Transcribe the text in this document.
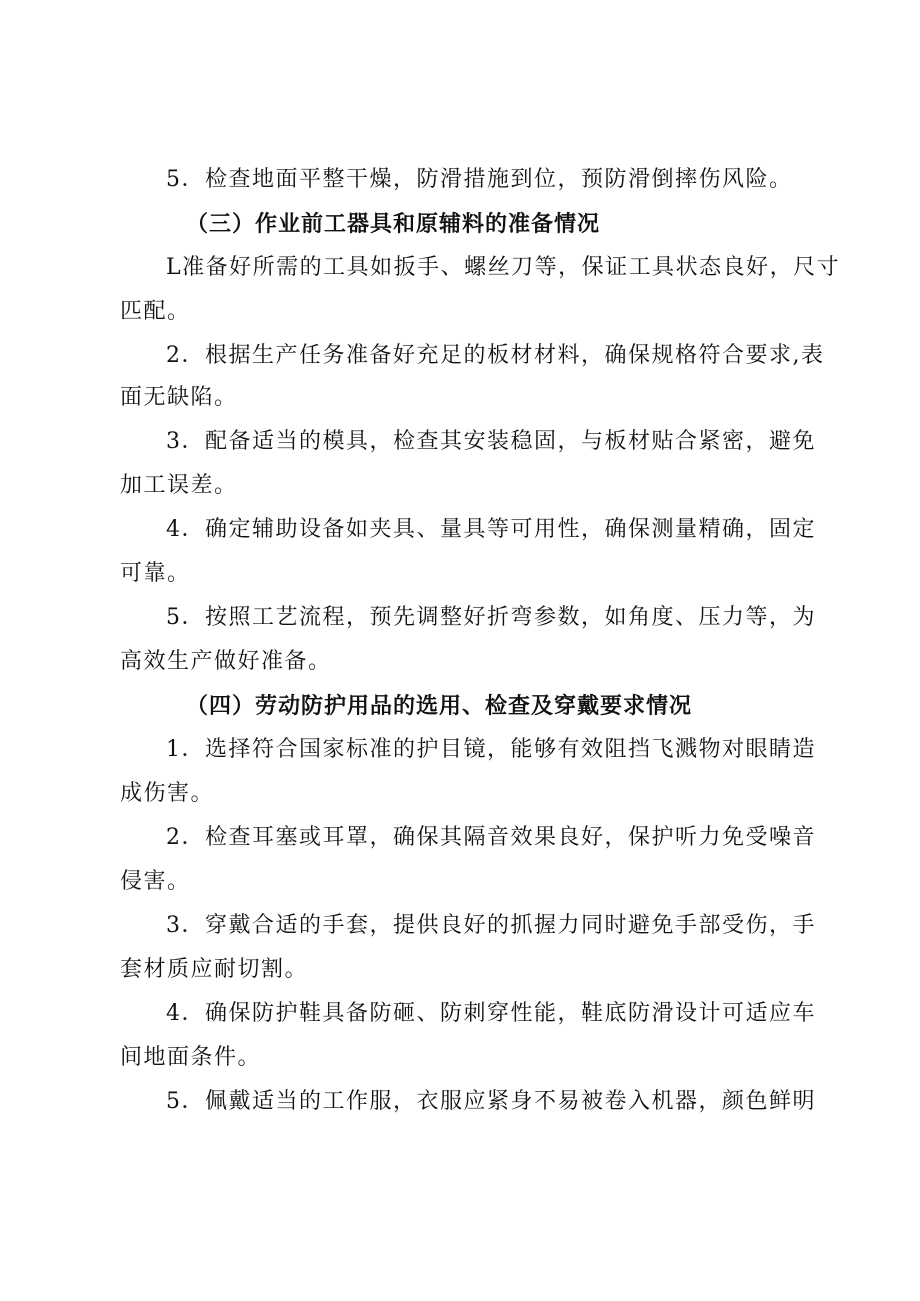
5．检查地面平整干燥，防滑措施到位，预防滑倒摔伤风险。
（三）作业前工器具和原辅料的准备情况
L准备好所需的工具如扳手、螺丝刀等，保证工具状态良好，尺寸
匹配。
2．根据生产任务准备好充足的板材材料，确保规格符合要求,表
面无缺陷。
3．配备适当的模具，检查其安装稳固，与板材贴合紧密，避免
加工误差。
4．确定辅助设备如夹具、量具等可用性，确保测量精确，固定
可靠。
5．按照工艺流程，预先调整好折弯参数，如角度、压力等，为
高效生产做好准备。
（四）劳动防护用品的选用、检查及穿戴要求情况
1．选择符合国家标准的护目镜，能够有效阻挡飞溅物对眼睛造
成伤害。
2．检查耳塞或耳罩，确保其隔音效果良好，保护听力免受噪音
侵害。
3．穿戴合适的手套，提供良好的抓握力同时避免手部受伤，手
套材质应耐切割。
4．确保防护鞋具备防砸、防刺穿性能，鞋底防滑设计可适应车
间地面条件。
5．佩戴适当的工作服，衣服应紧身不易被卷入机器，颜色鲜明
